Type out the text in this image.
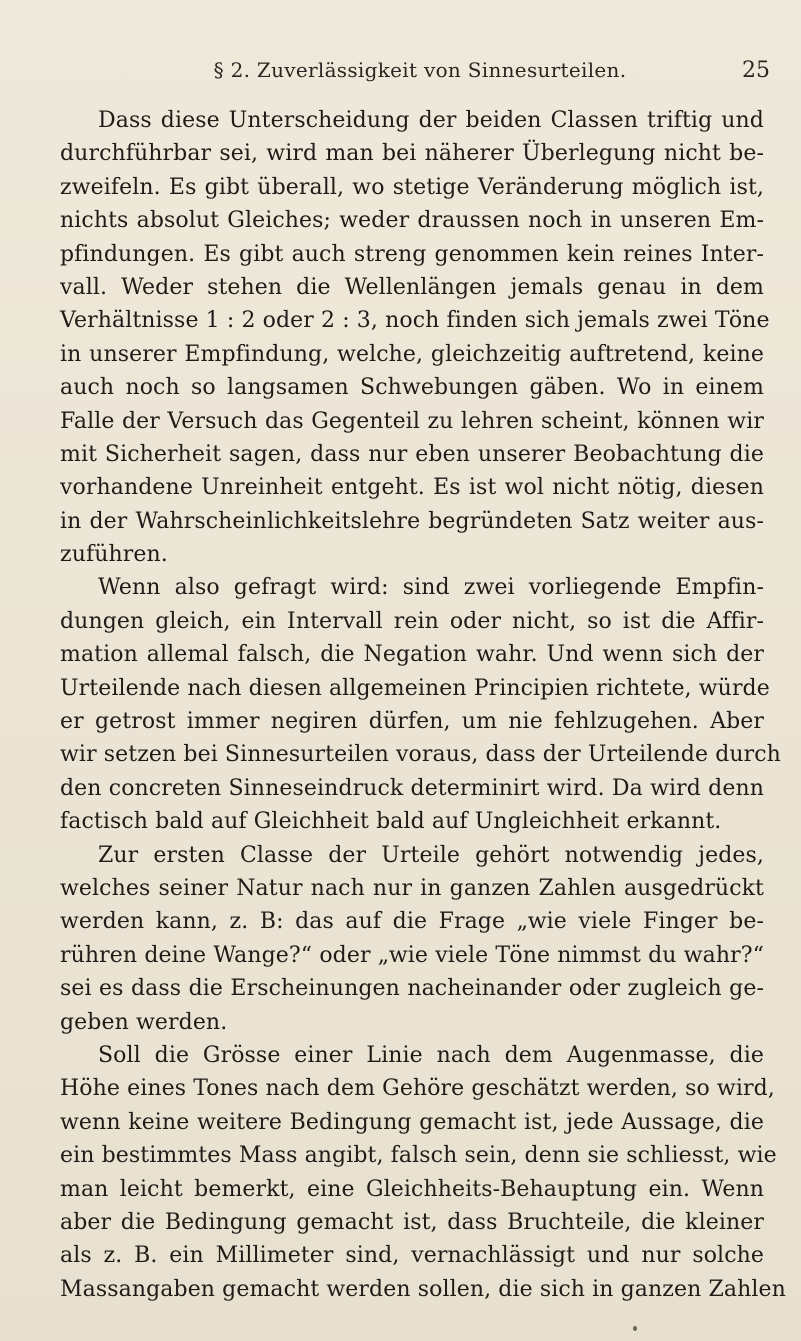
§ 2. Zuverlässigkeit von Sinnesurteilen.	25
Dass diese Unterscheidung der beiden Classen triftig und
durchführbar sei, wird man bei näherer Überlegung nicht be-
zweifeln. Es gibt überall, wo stetige Veränderung möglich ist,
nichts absolut Gleiches; weder draussen noch in unseren Em-
pfindungen. Es gibt auch streng genommen kein reines Inter-
vall. Weder stehen die Wellenlängen jemals genau in dem
Verhältnisse 1 : 2 oder 2 : 3, noch finden sich jemals zwei Töne
in unserer Empfindung, welche, gleichzeitig auftretend, keine
auch noch so langsamen Schwebungen gäben. Wo in einem
Falle der Versuch das Gegenteil zu lehren scheint, können wir
mit Sicherheit sagen, dass nur eben unserer Beobachtung die
vorhandene Unreinheit entgeht. Es ist wol nicht nötig, diesen
in der Wahrscheinlichkeitslehre begründeten Satz weiter aus-
zuführen.
Wenn also gefragt wird: sind zwei vorliegende Empfin-
dungen gleich, ein Intervall rein oder nicht, so ist die Affir-
mation allemal falsch, die Negation wahr. Und wenn sich der
Urteilende nach diesen allgemeinen Principien richtete, würde
er getrost immer negiren dürfen, um nie fehlzugehen. Aber
wir setzen bei Sinnesurteilen voraus, dass der Urteilende durch
den concreten Sinneseindruck determinirt wird. Da wird denn
factisch bald auf Gleichheit bald auf Ungleichheit erkannt.
Zur ersten Classe der Urteile gehört notwendig jedes,
welches seiner Natur nach nur in ganzen Zahlen ausgedrückt
werden kann, z. B: das auf die Frage „wie viele Finger be-
rühren deine Wange?“ oder „wie viele Töne nimmst du wahr?“
sei es dass die Erscheinungen nacheinander oder zugleich ge-
geben werden.
Soll die Grösse einer Linie nach dem Augenmasse, die
Höhe eines Tones nach dem Gehöre geschätzt werden, so wird,
wenn keine weitere Bedingung gemacht ist, jede Aussage, die
ein bestimmtes Mass angibt, falsch sein, denn sie schliesst, wie
man leicht bemerkt, eine Gleichheits-Behauptung ein. Wenn
aber die Bedingung gemacht ist, dass Bruchteile, die kleiner
als z. B. ein Millimeter sind, vernachlässigt und nur solche
Massangaben gemacht werden sollen, die sich in ganzen Zahlen
